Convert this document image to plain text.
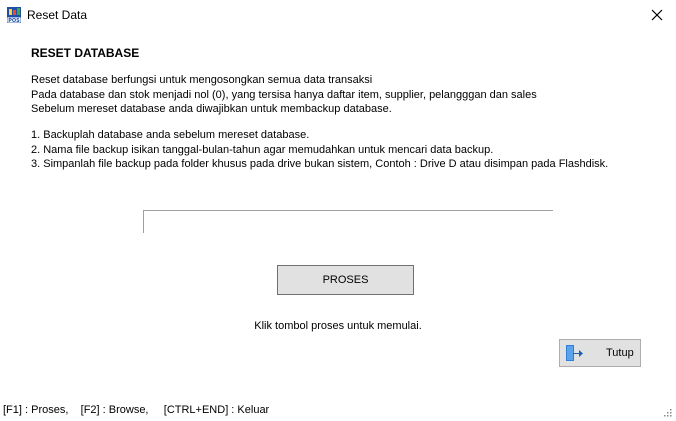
POS Reset Data
RESET DATABASE
Reset database berfungsi untuk mengosongkan semua data transaksi
Pada database dan stok menjadi nol (0), yang tersisa hanya daftar item, supplier, pelangggan dan sales
Sebelum mereset database anda diwajibkan untuk membackup database.
1. Backuplah database anda sebelum mereset database.
2. Nama file backup isikan tanggal-bulan-tahun agar memudahkan untuk mencari data backup.
3. Simpanlah file backup pada folder khusus pada drive bukan sistem, Contoh : Drive D atau disimpan pada Flashdisk.
PROSES
Klik tombol proses untuk memulai.
Tutup
[F1] : Proses,    [F2] : Browse,     [CTRL+END] : Keluar
